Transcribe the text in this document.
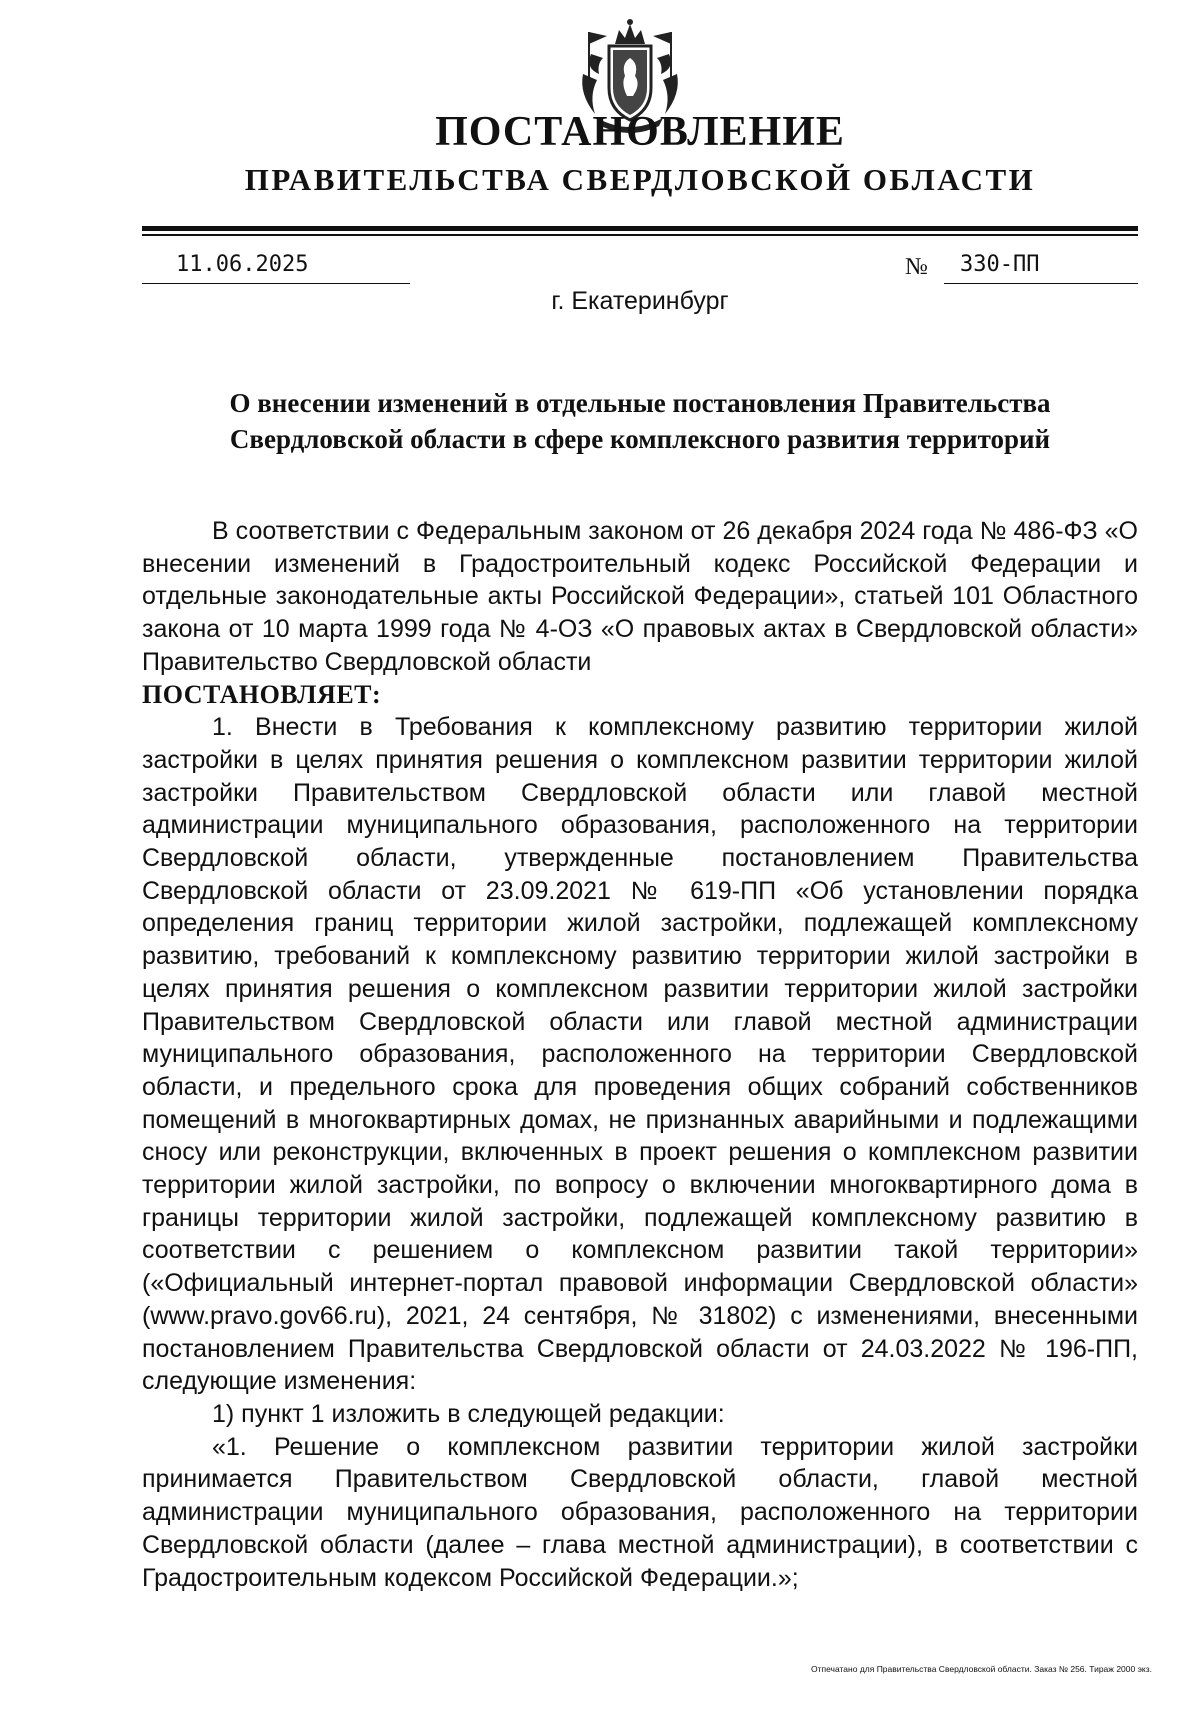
ПОСТАНОВЛЕНИЕ
ПРАВИТЕЛЬСТВА СВЕРДЛОВСКОЙ ОБЛАСТИ
11.06.2025	№	330-ПП
г. Екатеринбург
О внесении изменений в отдельные постановления Правительства
Свердловской области в сфере комплексного развития территорий

В соответствии с Федеральным законом от 26 декабря 2024 года № 486-ФЗ «О внесении изменений в Градостроительный кодекс Российской Федерации и отдельные законодательные акты Российской Федерации», статьей 101 Областного закона от 10 марта 1999 года № 4-ОЗ «О правовых актах в Свердловской области» Правительство Свердловской области

ПОСТАНОВЛЯЕТ:

1. Внести в Требования к комплексному развитию территории жилой застройки в целях принятия решения о комплексном развитии территории жилой застройки Правительством Свердловской области или главой местной администрации муниципального образования, расположенного на территории Свердловской области, утвержденные постановлением Правительства Свердловской области от 23.09.2021 № 619-ПП «Об установлении порядка определения границ территории жилой застройки, подлежащей комплексному развитию, требований к комплексному развитию территории жилой застройки в целях принятия решения о комплексном развитии территории жилой застройки Правительством Свердловской области или главой местной администрации муниципального образования, расположенного на территории Свердловской области, и предельного срока для проведения общих собраний собственников помещений в многоквартирных домах, не признанных аварийными и подлежащими сносу или реконструкции, включенных в проект решения о комплексном развитии территории жилой застройки, по вопросу о включении многоквартирного дома в границы территории жилой застройки, подлежащей комплексному развитию в соответствии с решением о комплексном развитии такой территории» («Официальный интернет-портал правовой информации Свердловской области» (www.pravo.gov66.ru), 2021, 24 сентября, № 31802) с изменениями, внесенными постановлением Правительства Свердловской области от 24.03.2022 № 196-ПП, следующие изменения:

1) пункт 1 изложить в следующей редакции:

«1. Решение о комплексном развитии территории жилой застройки принимается Правительством Свердловской области, главой местной администрации муниципального образования, расположенного на территории Свердловской области (далее – глава местной администрации), в соответствии с Градостроительным кодексом Российской Федерации.»;

Отпечатано для Правительства Свердловской области. Заказ № 256. Тираж 2000 экз.
